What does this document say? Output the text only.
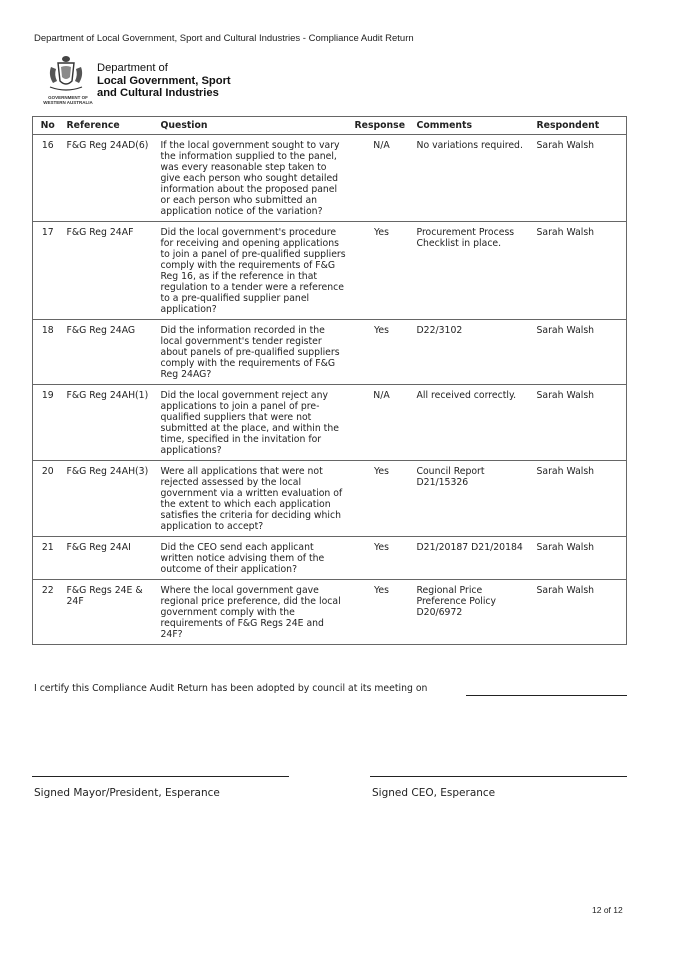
Department of Local Government, Sport and Cultural Industries - Compliance Audit Return
GOVERNMENT OF WESTERN AUSTRALIA
Department of
Local Government, Sport
and Cultural Industries
No	Reference	Question	Response	Comments	Respondent
16	F&G Reg 24AD(6)	If the local government sought to vary the information supplied to the panel, was every reasonable step taken to give each person who sought detailed information about the proposed panel or each person who submitted an application notice of the variation?	N/A	No variations required.	Sarah Walsh
17	F&G Reg 24AF	Did the local government's procedure for receiving and opening applications to join a panel of pre-qualified suppliers comply with the requirements of F&G Reg 16, as if the reference in that regulation to a tender were a reference to a pre-qualified supplier panel application?	Yes	Procurement Process Checklist in place.	Sarah Walsh
18	F&G Reg 24AG	Did the information recorded in the local government's tender register about panels of pre-qualified suppliers comply with the requirements of F&G Reg 24AG?	Yes	D22/3102	Sarah Walsh
19	F&G Reg 24AH(1)	Did the local government reject any applications to join a panel of pre-qualified suppliers that were not submitted at the place, and within the time, specified in the invitation for applications?	N/A	All received correctly.	Sarah Walsh
20	F&G Reg 24AH(3)	Were all applications that were not rejected assessed by the local government via a written evaluation of the extent to which each application satisfies the criteria for deciding which application to accept?	Yes	Council Report D21/15326	Sarah Walsh
21	F&G Reg 24AI	Did the CEO send each applicant written notice advising them of the outcome of their application?	Yes	D21/20187 D21/20184	Sarah Walsh
22	F&G Regs 24E & 24F	Where the local government gave regional price preference, did the local government comply with the requirements of F&G Regs 24E and 24F?	Yes	Regional Price Preference Policy D20/6972	Sarah Walsh
I certify this Compliance Audit Return has been adopted by council at its meeting on
Signed Mayor/President, Esperance	Signed CEO, Esperance
12 of 12
